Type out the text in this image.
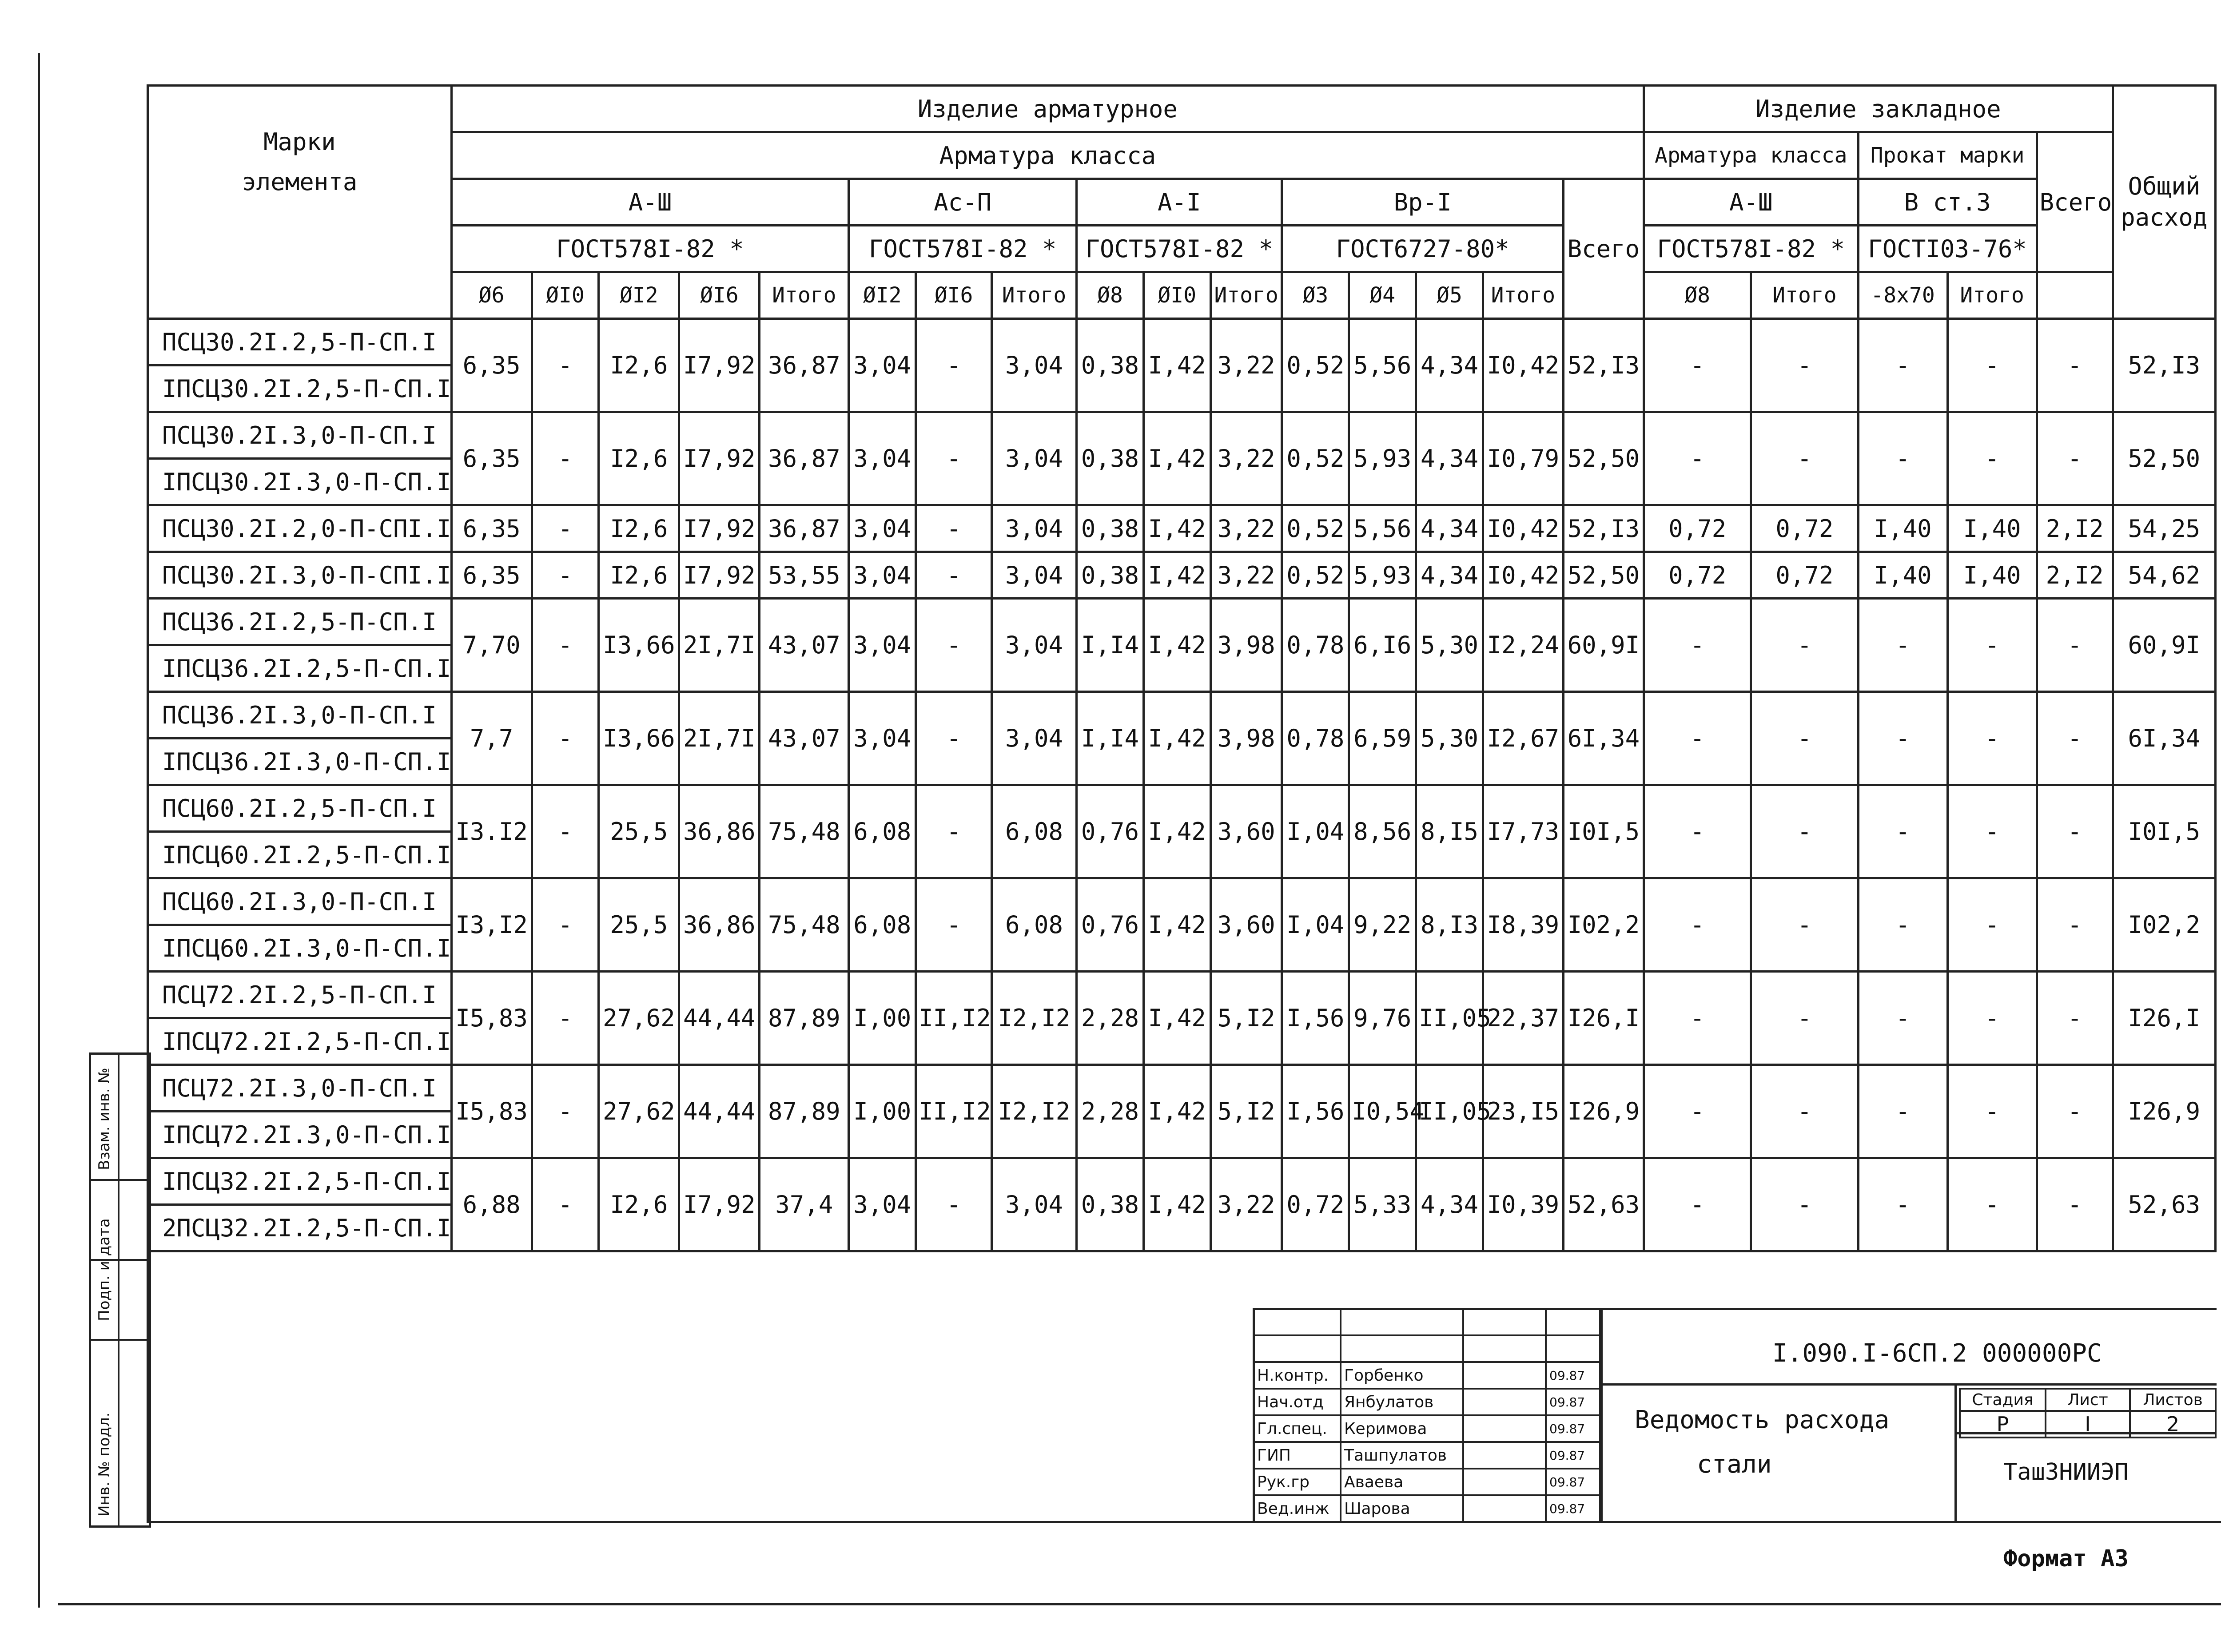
Марки
элемента	Изделие арматурное																Изделие закладное					Общий расход
	Арматура класса																Арматура класса		Прокат марки		Всего	
	А-Ш					Ас-П			А-I			Вр-I				Всего	А-Ш		В ст.3			
	ГОСТ578I-82 *					ГОСТ578I-82 *			ГОСТ578I-82 *			ГОСТ6727-80*					ГОСТ578I-82 *		ГОСТI03-76*			
	Ø6	ØI0	ØI2	ØI6	Итого	ØI2	ØI6	Итого	Ø8	ØI0	Итого	Ø3	Ø4	Ø5	Итого		Ø8	Итого	-8x70	Итого		
ПСЦ30.2I.2,5-П-СП.I	6,35	-	I2,6	I7,92	36,87	3,04	-	3,04	0,38	I,42	3,22	0,52	5,56	4,34	I0,42	52,I3	-	-	-	-	-	52,I3
IПСЦ30.2I.2,5-П-СП.I																						
ПСЦ30.2I.3,0-П-СП.I	6,35	-	I2,6	I7,92	36,87	3,04	-	3,04	0,38	I,42	3,22	0,52	5,93	4,34	I0,79	52,50	-	-	-	-	-	52,50
IПСЦ30.2I.3,0-П-СП.I																						
ПСЦ30.2I.2,0-П-СПI.I	6,35	-	I2,6	I7,92	36,87	3,04	-	3,04	0,38	I,42	3,22	0,52	5,56	4,34	I0,42	52,I3	0,72	0,72	I,40	I,40	2,I2	54,25
ПСЦ30.2I.3,0-П-СПI.I	6,35	-	I2,6	I7,92	53,55	3,04	-	3,04	0,38	I,42	3,22	0,52	5,93	4,34	I0,42	52,50	0,72	0,72	I,40	I,40	2,I2	54,62
ПСЦ36.2I.2,5-П-СП.I	7,70	-	I3,66	2I,7I	43,07	3,04	-	3,04	I,I4	I,42	3,98	0,78	6,I6	5,30	I2,24	60,9I	-	-	-	-	-	60,9I
IПСЦ36.2I.2,5-П-СП.I																						
ПСЦ36.2I.3,0-П-СП.I	7,7	-	I3,66	2I,7I	43,07	3,04	-	3,04	I,I4	I,42	3,98	0,78	6,59	5,30	I2,67	6I,34	-	-	-	-	-	6I,34
IПСЦ36.2I.3,0-П-СП.I																						
ПСЦ60.2I.2,5-П-СП.I	I3.I2	-	25,5	36,86	75,48	6,08	-	6,08	0,76	I,42	3,60	I,04	8,56	8,I5	I7,73	I0I,5	-	-	-	-	-	I0I,5
IПСЦ60.2I.2,5-П-СП.I																						
ПСЦ60.2I.3,0-П-СП.I	I3,I2	-	25,5	36,86	75,48	6,08	-	6,08	0,76	I,42	3,60	I,04	9,22	8,I3	I8,39	I02,2	-	-	-	-	-	I02,2
IПСЦ60.2I.3,0-П-СП.I																						
ПСЦ72.2I.2,5-П-СП.I	I5,83	-	27,62	44,44	87,89	I,00	II,I2	I2,I2	2,28	I,42	5,I2	I,56	9,76	II,05	22,37	I26,I	-	-	-	-	-	I26,I
IПСЦ72.2I.2,5-П-СП.I																						
ПСЦ72.2I.3,0-П-СП.I	I5,83	-	27,62	44,44	87,89	I,00	II,I2	I2,I2	2,28	I,42	5,I2	I,56	I0,54	II,05	23,I5	I26,9	-	-	-	-	-	I26,9
IПСЦ72.2I.3,0-П-СП.I																						
IПСЦ32.2I.2,5-П-СП.I	6,88	-	I2,6	I7,92	37,4	3,04	-	3,04	0,38	I,42	3,22	0,72	5,33	4,34	I0,39	52,63	-	-	-	-	-	52,63
2ПСЦ32.2I.2,5-П-СП.I																						
Инв. № подл.
Подп. и дата
Взам. инв. №

Н.контр.	Горбенко		09.87
Нач.отд	Янбулатов		09.87
Гл.спец.	Керимова		09.87
ГИП	Ташпулатов		09.87
Рук.гр	Аваева		09.87
Вед.инж	Шарова		09.87
I.090.I-6СП.2 000000РС
Ведомость расхода
стали
Стадия	Лист	Листов
Р	I	2
ТашЗНИИЭП
Формат А3
